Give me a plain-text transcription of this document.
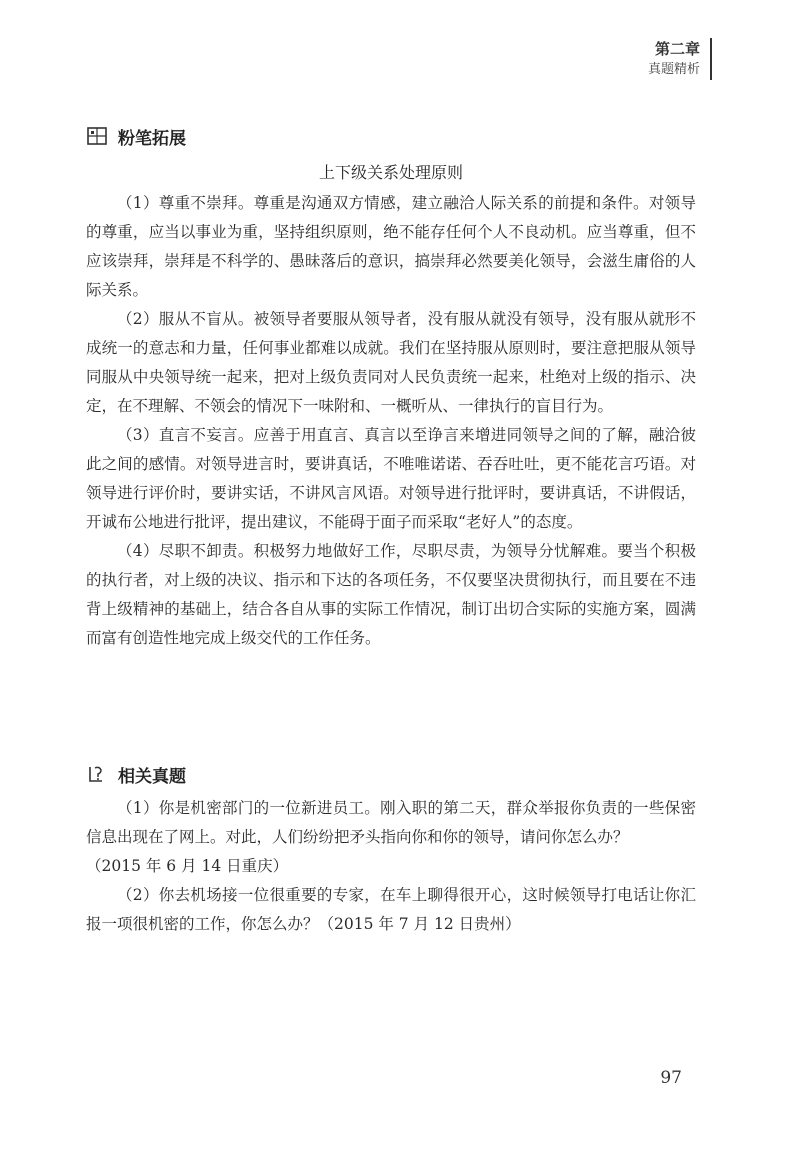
第二章
真题精析
粉笔拓展
上下级关系处理原则

（1）尊重不崇拜。尊重是沟通双方情感，建立融洽人际关系的前提和条件。对领导的尊重，应当以事业为重，坚持组织原则，绝不能存任何个人不良动机。应当尊重，但不应该崇拜，崇拜是不科学的、愚昧落后的意识，搞崇拜必然要美化领导，会滋生庸俗的人际关系。

（2）服从不盲从。被领导者要服从领导者，没有服从就没有领导，没有服从就形不成统一的意志和力量，任何事业都难以成就。我们在坚持服从原则时，要注意把服从领导同服从中央领导统一起来，把对上级负责同对人民负责统一起来，杜绝对上级的指示、决定，在不理解、不领会的情况下一味附和、一概听从、一律执行的盲目行为。

（3）直言不妄言。应善于用直言、真言以至诤言来增进同领导之间的了解，融洽彼此之间的感情。对领导进言时，要讲真话，不唯唯诺诺、吞吞吐吐，更不能花言巧语。对领导进行评价时，要讲实话，不讲风言风语。对领导进行批评时，要讲真话，不讲假话，开诚布公地进行批评，提出建议，不能碍于面子而采取“老好人”的态度。

（4）尽职不卸责。积极努力地做好工作，尽职尽责，为领导分忧解难。要当个积极的执行者，对上级的决议、指示和下达的各项任务，不仅要坚决贯彻执行，而且要在不违背上级精神的基础上，结合各自从事的实际工作情况，制订出切合实际的实施方案，圆满而富有创造性地完成上级交代的工作任务。

相关真题

（1）你是机密部门的一位新进员工。刚入职的第二天，群众举报你负责的一些保密信息出现在了网上。对此，人们纷纷把矛头指向你和你的领导，请问你怎么办？

（2015 年 6 月 14 日重庆）

（2）你去机场接一位很重要的专家，在车上聊得很开心，这时候领导打电话让你汇报一项很机密的工作，你怎么办？（2015 年 7 月 12 日贵州）

97
